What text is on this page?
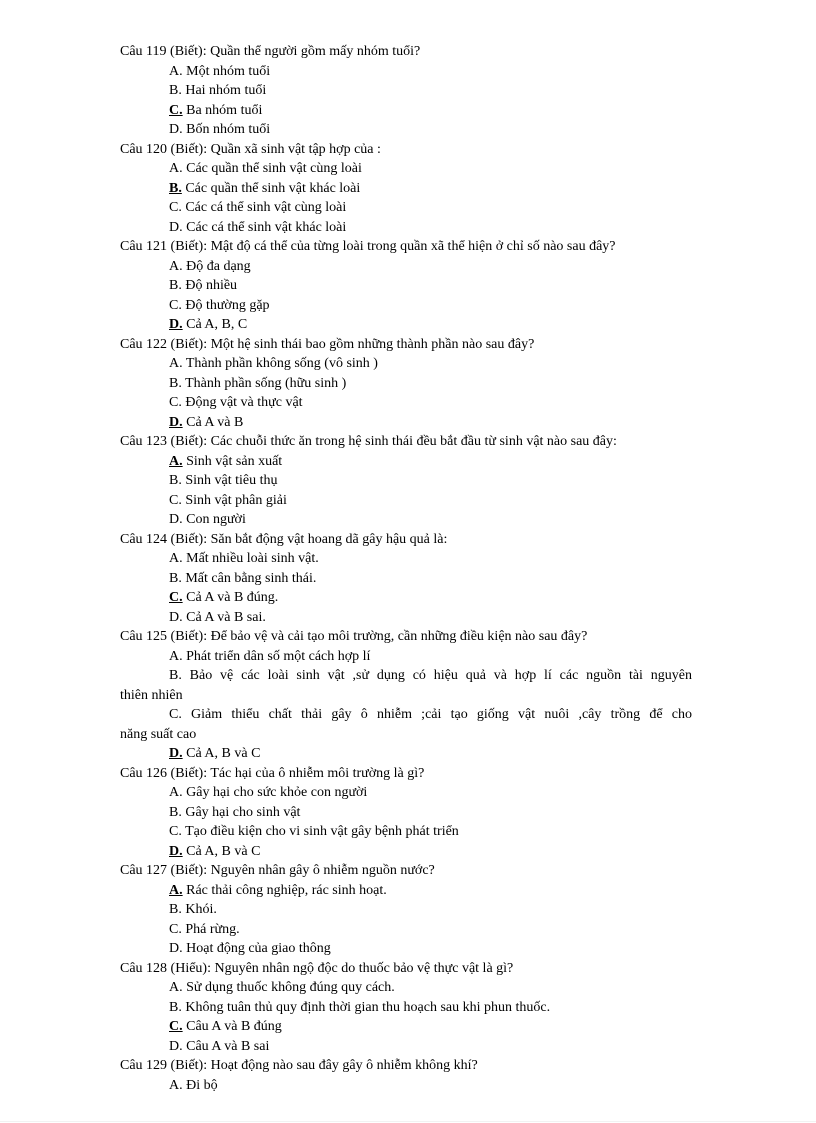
Câu 119 (Biết): Quần thể người gồm mấy nhóm tuổi?
A. Một nhóm tuổi
B. Hai nhóm tuổi
C. Ba nhóm tuổi
D. Bốn nhóm tuổi
Câu 120 (Biết): Quần xã sinh vật tập hợp của :
A. Các quần thể sinh vật cùng loài
B. Các quần thể sinh vật khác loài
C. Các cá thể sinh vật cùng loài
D. Các cá thể sinh vật khác loài
Câu 121 (Biết): Mật độ cá thể của từng loài trong quần xã thể hiện ở chỉ số nào sau đây?
A. Độ đa dạng
B. Độ nhiều
C. Độ thường gặp
D. Cả A, B, C
Câu 122 (Biết): Một hệ sinh thái bao gồm những thành phần nào sau đây?
A. Thành phần không sống (vô sinh )
B. Thành phần sống (hữu sinh )
C. Động vật và thực vật
D. Cả A và B
Câu 123 (Biết): Các chuỗi thức ăn trong hệ sinh thái đều bắt đầu từ sinh vật nào sau đây:
A. Sinh vật sản xuất
B. Sinh vật tiêu thụ
C. Sinh vật phân giải
D. Con người
Câu 124 (Biết): Săn bắt động vật hoang dã gây hậu quả là:
A. Mất nhiều loài sinh vật.
B. Mất cân bằng sinh thái.
C. Cả A và B đúng.
D. Cả A và B sai.
Câu 125 (Biết): Để bảo vệ và cải tạo môi trường, cần những điều kiện nào sau đây?
A. Phát triển dân số một cách hợp lí
B. Bảo vệ các loài sinh vật ,sử dụng có hiệu quả và hợp lí các nguồn tài nguyên
thiên nhiên
C. Giảm thiểu chất thải gây ô nhiễm ;cải tạo giống vật nuôi ,cây trồng để cho
năng suất cao
D. Cả A, B và C
Câu 126 (Biết): Tác hại của ô nhiễm môi trường là gì?
A. Gây hại cho sức khỏe con người
B. Gây hại cho sinh vật
C. Tạo điều kiện cho vi sinh vật gây bệnh phát triển
D. Cả A, B và C
Câu 127 (Biết): Nguyên nhân gây ô nhiễm nguồn nước?
A. Rác thải công nghiệp, rác sinh hoạt.
B. Khói.
C. Phá rừng.
D. Hoạt động của giao thông
Câu 128 (Hiểu): Nguyên nhân ngộ độc do thuốc bảo vệ thực vật là gì?
A. Sử dụng thuốc không đúng quy cách.
B. Không tuân thủ quy định thời gian thu hoạch sau khi phun thuốc.
C. Câu A và B đúng
D. Câu A và B sai
Câu 129 (Biết): Hoạt động nào sau đây gây ô nhiễm không khí?
A. Đi bộ
